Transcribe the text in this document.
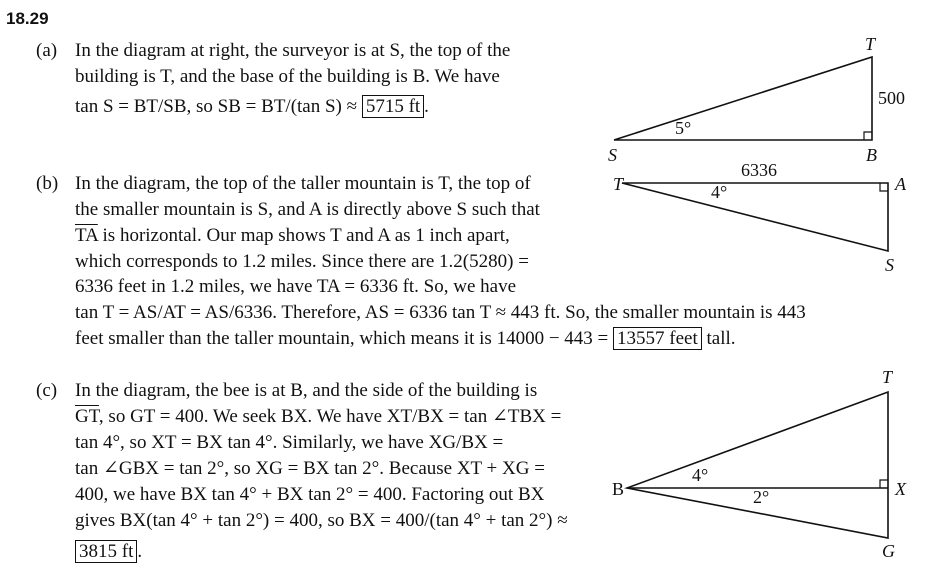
18.29
(a) In the diagram at right, the surveyor is at S, the top of the
building is T, and the base of the building is B. We have
tan S = BT/SB, so SB = BT/(tan S) ≈ 5715 ft .
(b) In the diagram, the top of the taller mountain is T, the top of
the smaller mountain is S, and A is directly above S such that
$\overline{TA}$ is horizontal. Our map shows T and A as 1 inch apart,
which corresponds to 1.2 miles. Since there are 1.2(5280) =
6336 feet in 1.2 miles, we have TA = 6336 ft. So, we have
tan T = AS/AT = AS/6336. Therefore, AS = 6336 tan T ≈ 443 ft. So, the smaller mountain is 443
feet smaller than the taller mountain, which means it is 14000 − 443 = 13557 feet tall.
(c) In the diagram, the bee is at B, and the side of the building is
$\overline{GT}$, so GT = 400. We seek BX. We have XT/BX = tan ∠TBX =
tan 4°, so XT = BX tan 4°. Similarly, we have XG/BX =
tan ∠GBX = tan 2°, so XG = BX tan 2°. Because XT + XG =
400, we have BX tan 4° + BX tan 2° = 400. Factoring out BX
gives BX(tan 4° + tan 2°) = 400, so BX = 400/(tan 4° + tan 2°) ≈
3815 ft .
T
B
S
500
5°
T	A
S
6336
4°
B
T
X
G
4°
2°
